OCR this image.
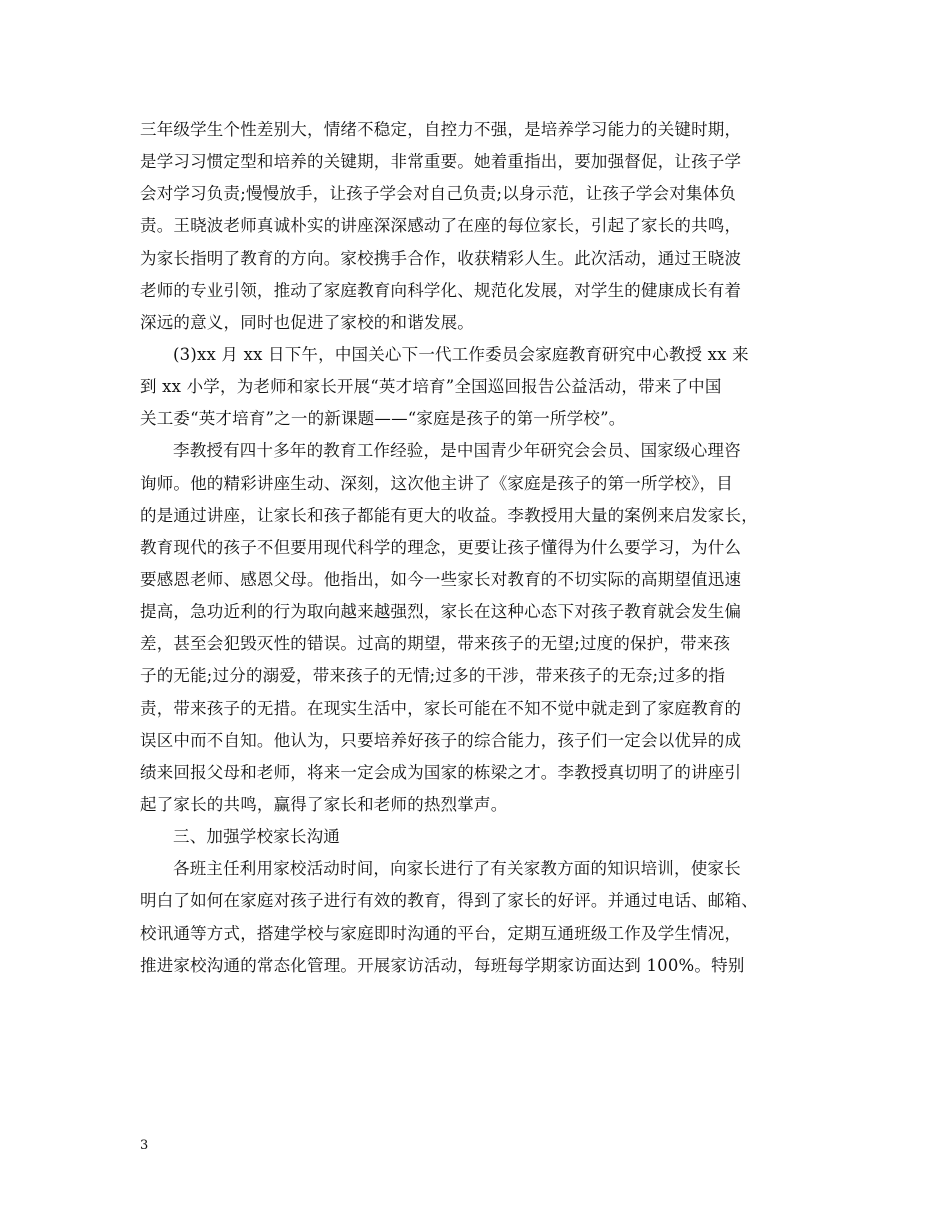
三年级学生个性差别大，情绪不稳定，自控力不强，是培养学习能力的关键时期，
是学习习惯定型和培养的关键期，非常重要。她着重指出，要加强督促，让孩子学
会对学习负责;慢慢放手，让孩子学会对自己负责;以身示范，让孩子学会对集体负
责。王晓波老师真诚朴实的讲座深深感动了在座的每位家长，引起了家长的共鸣，
为家长指明了教育的方向。家校携手合作，收获精彩人生。此次活动，通过王晓波
老师的专业引领，推动了家庭教育向科学化、规范化发展，对学生的健康成长有着
深远的意义，同时也促进了家校的和谐发展。
(3)xx 月 xx 日下午，中国关心下一代工作委员会家庭教育研究中心教授 xx 来
到 xx 小学，为老师和家长开展“英才培育”全国巡回报告公益活动，带来了中国
关工委“英才培育”之一的新课题——“家庭是孩子的第一所学校”。
李教授有四十多年的教育工作经验，是中国青少年研究会会员、国家级心理咨
询师。他的精彩讲座生动、深刻，这次他主讲了《家庭是孩子的第一所学校》，目
的是通过讲座，让家长和孩子都能有更大的收益。李教授用大量的案例来启发家长，
教育现代的孩子不但要用现代科学的理念，更要让孩子懂得为什么要学习，为什么
要感恩老师、感恩父母。他指出，如今一些家长对教育的不切实际的高期望值迅速
提高，急功近利的行为取向越来越强烈，家长在这种心态下对孩子教育就会发生偏
差，甚至会犯毁灭性的错误。过高的期望，带来孩子的无望;过度的保护，带来孩
子的无能;过分的溺爱，带来孩子的无情;过多的干涉，带来孩子的无奈;过多的指
责，带来孩子的无措。在现实生活中，家长可能在不知不觉中就走到了家庭教育的
误区中而不自知。他认为，只要培养好孩子的综合能力，孩子们一定会以优异的成
绩来回报父母和老师，将来一定会成为国家的栋梁之才。李教授真切明了的讲座引
起了家长的共鸣，赢得了家长和老师的热烈掌声。
三、加强学校家长沟通
各班主任利用家校活动时间，向家长进行了有关家教方面的知识培训，使家长
明白了如何在家庭对孩子进行有效的教育，得到了家长的好评。并通过电话、邮箱、
校讯通等方式，搭建学校与家庭即时沟通的平台，定期互通班级工作及学生情况，
推进家校沟通的常态化管理。开展家访活动，每班每学期家访面达到 100%。特别
3
